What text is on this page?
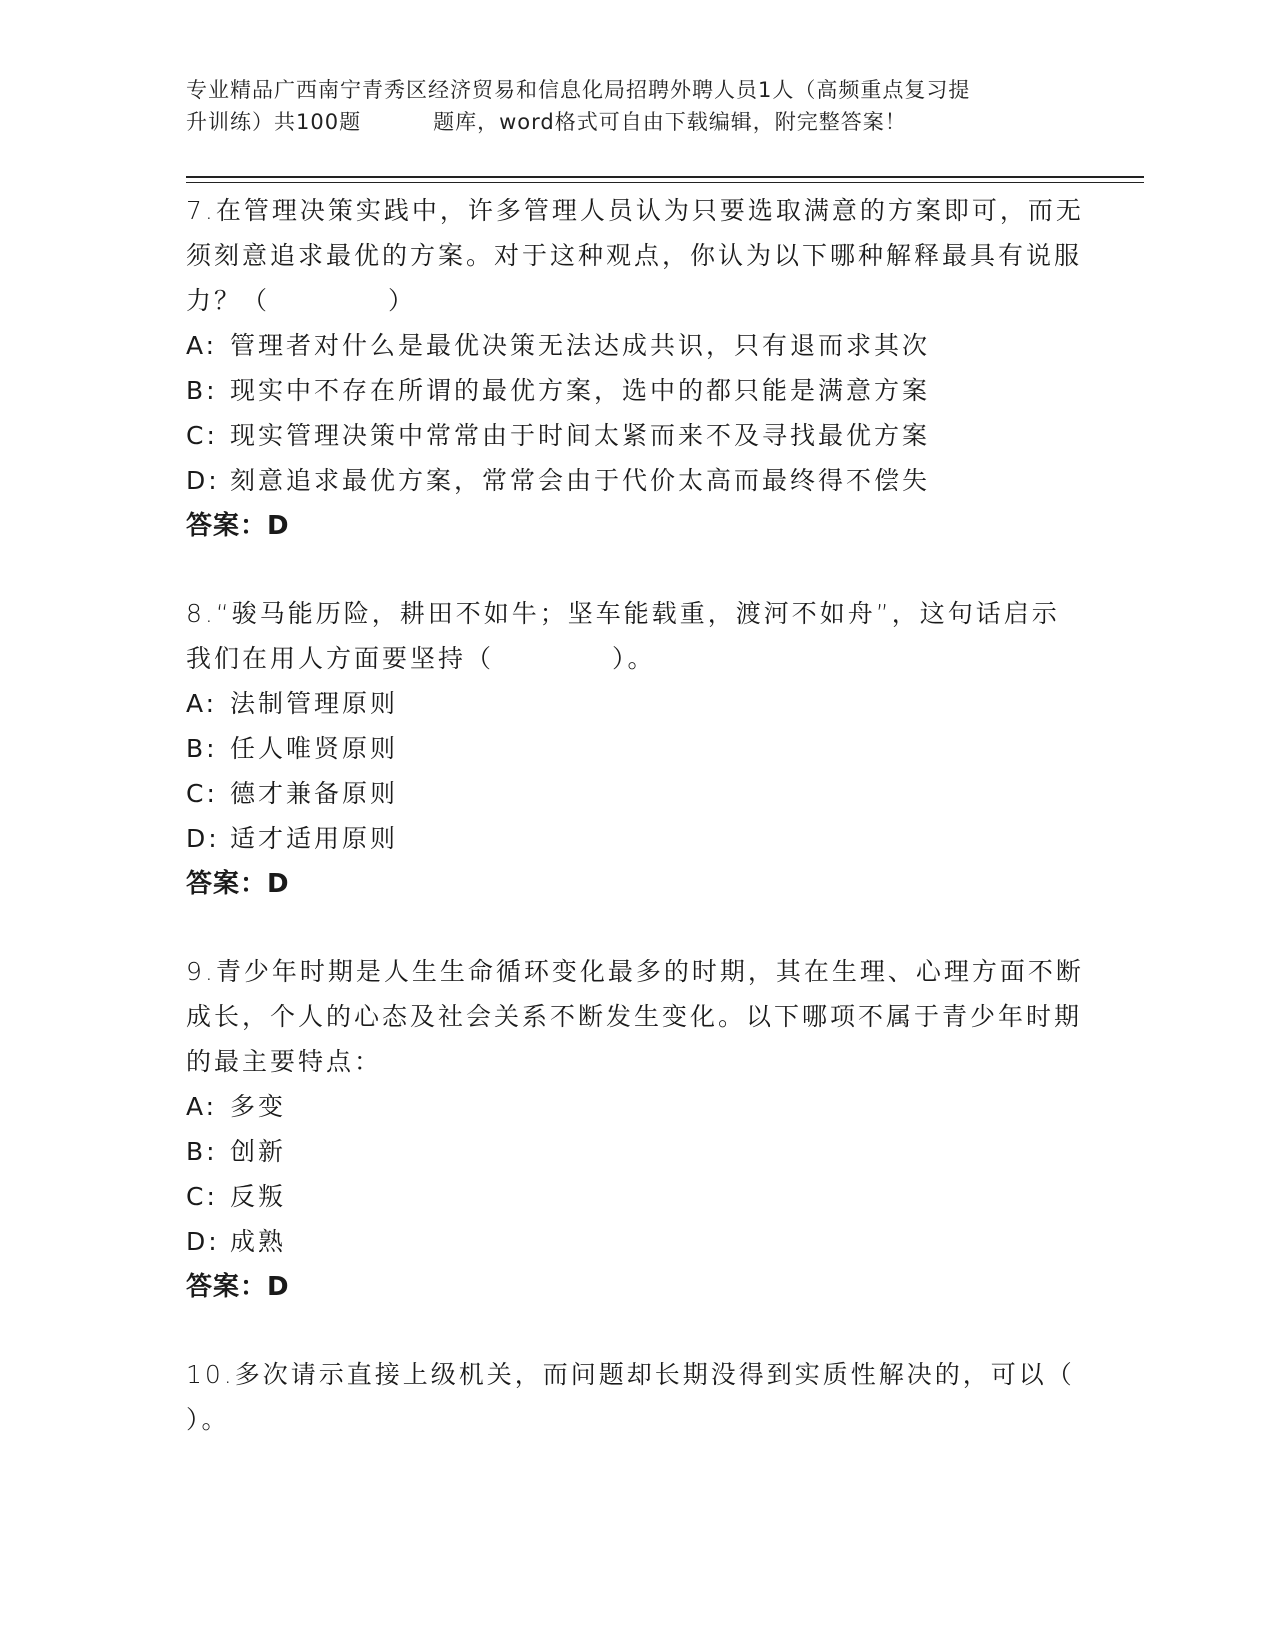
专业精品广西南宁青秀区经济贸易和信息化局招聘外聘人员1人（高频重点复习提
升训练）共100题	题库，word格式可自由下载编辑，附完整答案！
7.在管理决策实践中，许多管理人员认为只要选取满意的方案即可，而无须刻意追求最优的方案。对于这种观点，你认为以下哪种解释最具有说服力？（	）
A: 管理者对什么是最优决策无法达成共识，只有退而求其次
B: 现实中不存在所谓的最优方案，选中的都只能是满意方案
C: 现实管理决策中常常由于时间太紧而来不及寻找最优方案
D: 刻意追求最优方案，常常会由于代价太高而最终得不偿失
答案：D
8.“骏马能历险，耕田不如牛；坚车能载重，渡河不如舟”，这句话启示我们在用人方面要坚持（	）。
A: 法制管理原则
B: 任人唯贤原则
C: 德才兼备原则
D: 适才适用原则
答案：D
9.青少年时期是人生生命循环变化最多的时期，其在生理、心理方面不断成长，个人的心态及社会关系不断发生变化。以下哪项不属于青少年时期的最主要特点：
A: 多变
B: 创新
C: 反叛
D: 成熟
答案：D
10.多次请示直接上级机关，而问题却长期没得到实质性解决的，可以（）。
